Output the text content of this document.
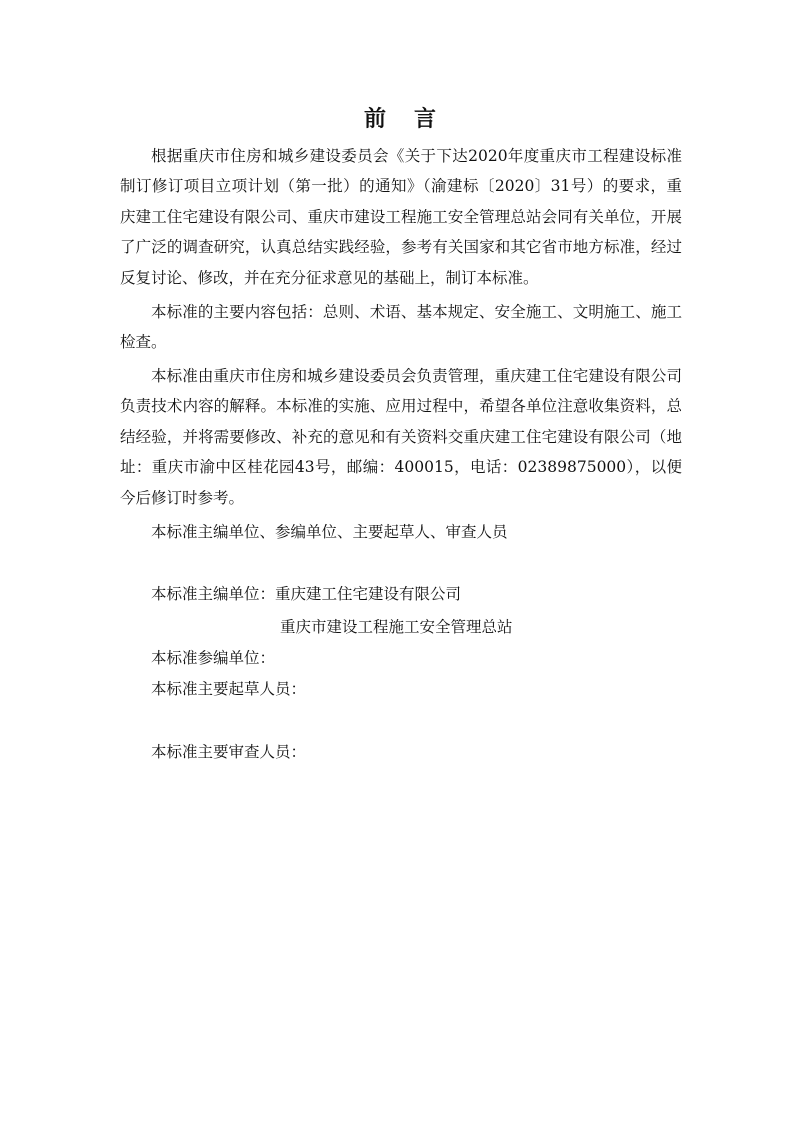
前言

根据重庆市住房和城乡建设委员会《关于下达2020年度重庆市工程建设标准制订修订项目立项计划（第一批）的通知》（渝建标〔2020〕31号）的要求，重庆建工住宅建设有限公司、重庆市建设工程施工安全管理总站会同有关单位，开展了广泛的调查研究，认真总结实践经验，参考有关国家和其它省市地方标准，经过反复讨论、修改，并在充分征求意见的基础上，制订本标准。

本标准的主要内容包括：总则、术语、基本规定、安全施工、文明施工、施工检查。

本标准由重庆市住房和城乡建设委员会负责管理，重庆建工住宅建设有限公司负责技术内容的解释。本标准的实施、应用过程中，希望各单位注意收集资料，总结经验，并将需要修改、补充的意见和有关资料交重庆建工住宅建设有限公司（地址：重庆市渝中区桂花园43号，邮编：400015，电话：02389875000），以便今后修订时参考。

本标准主编单位、参编单位、主要起草人、审查人员
本标准主编单位：重庆建工住宅建设有限公司
重庆市建设工程施工安全管理总站
本标准参编单位：
本标准主要起草人员：
本标准主要审查人员：
